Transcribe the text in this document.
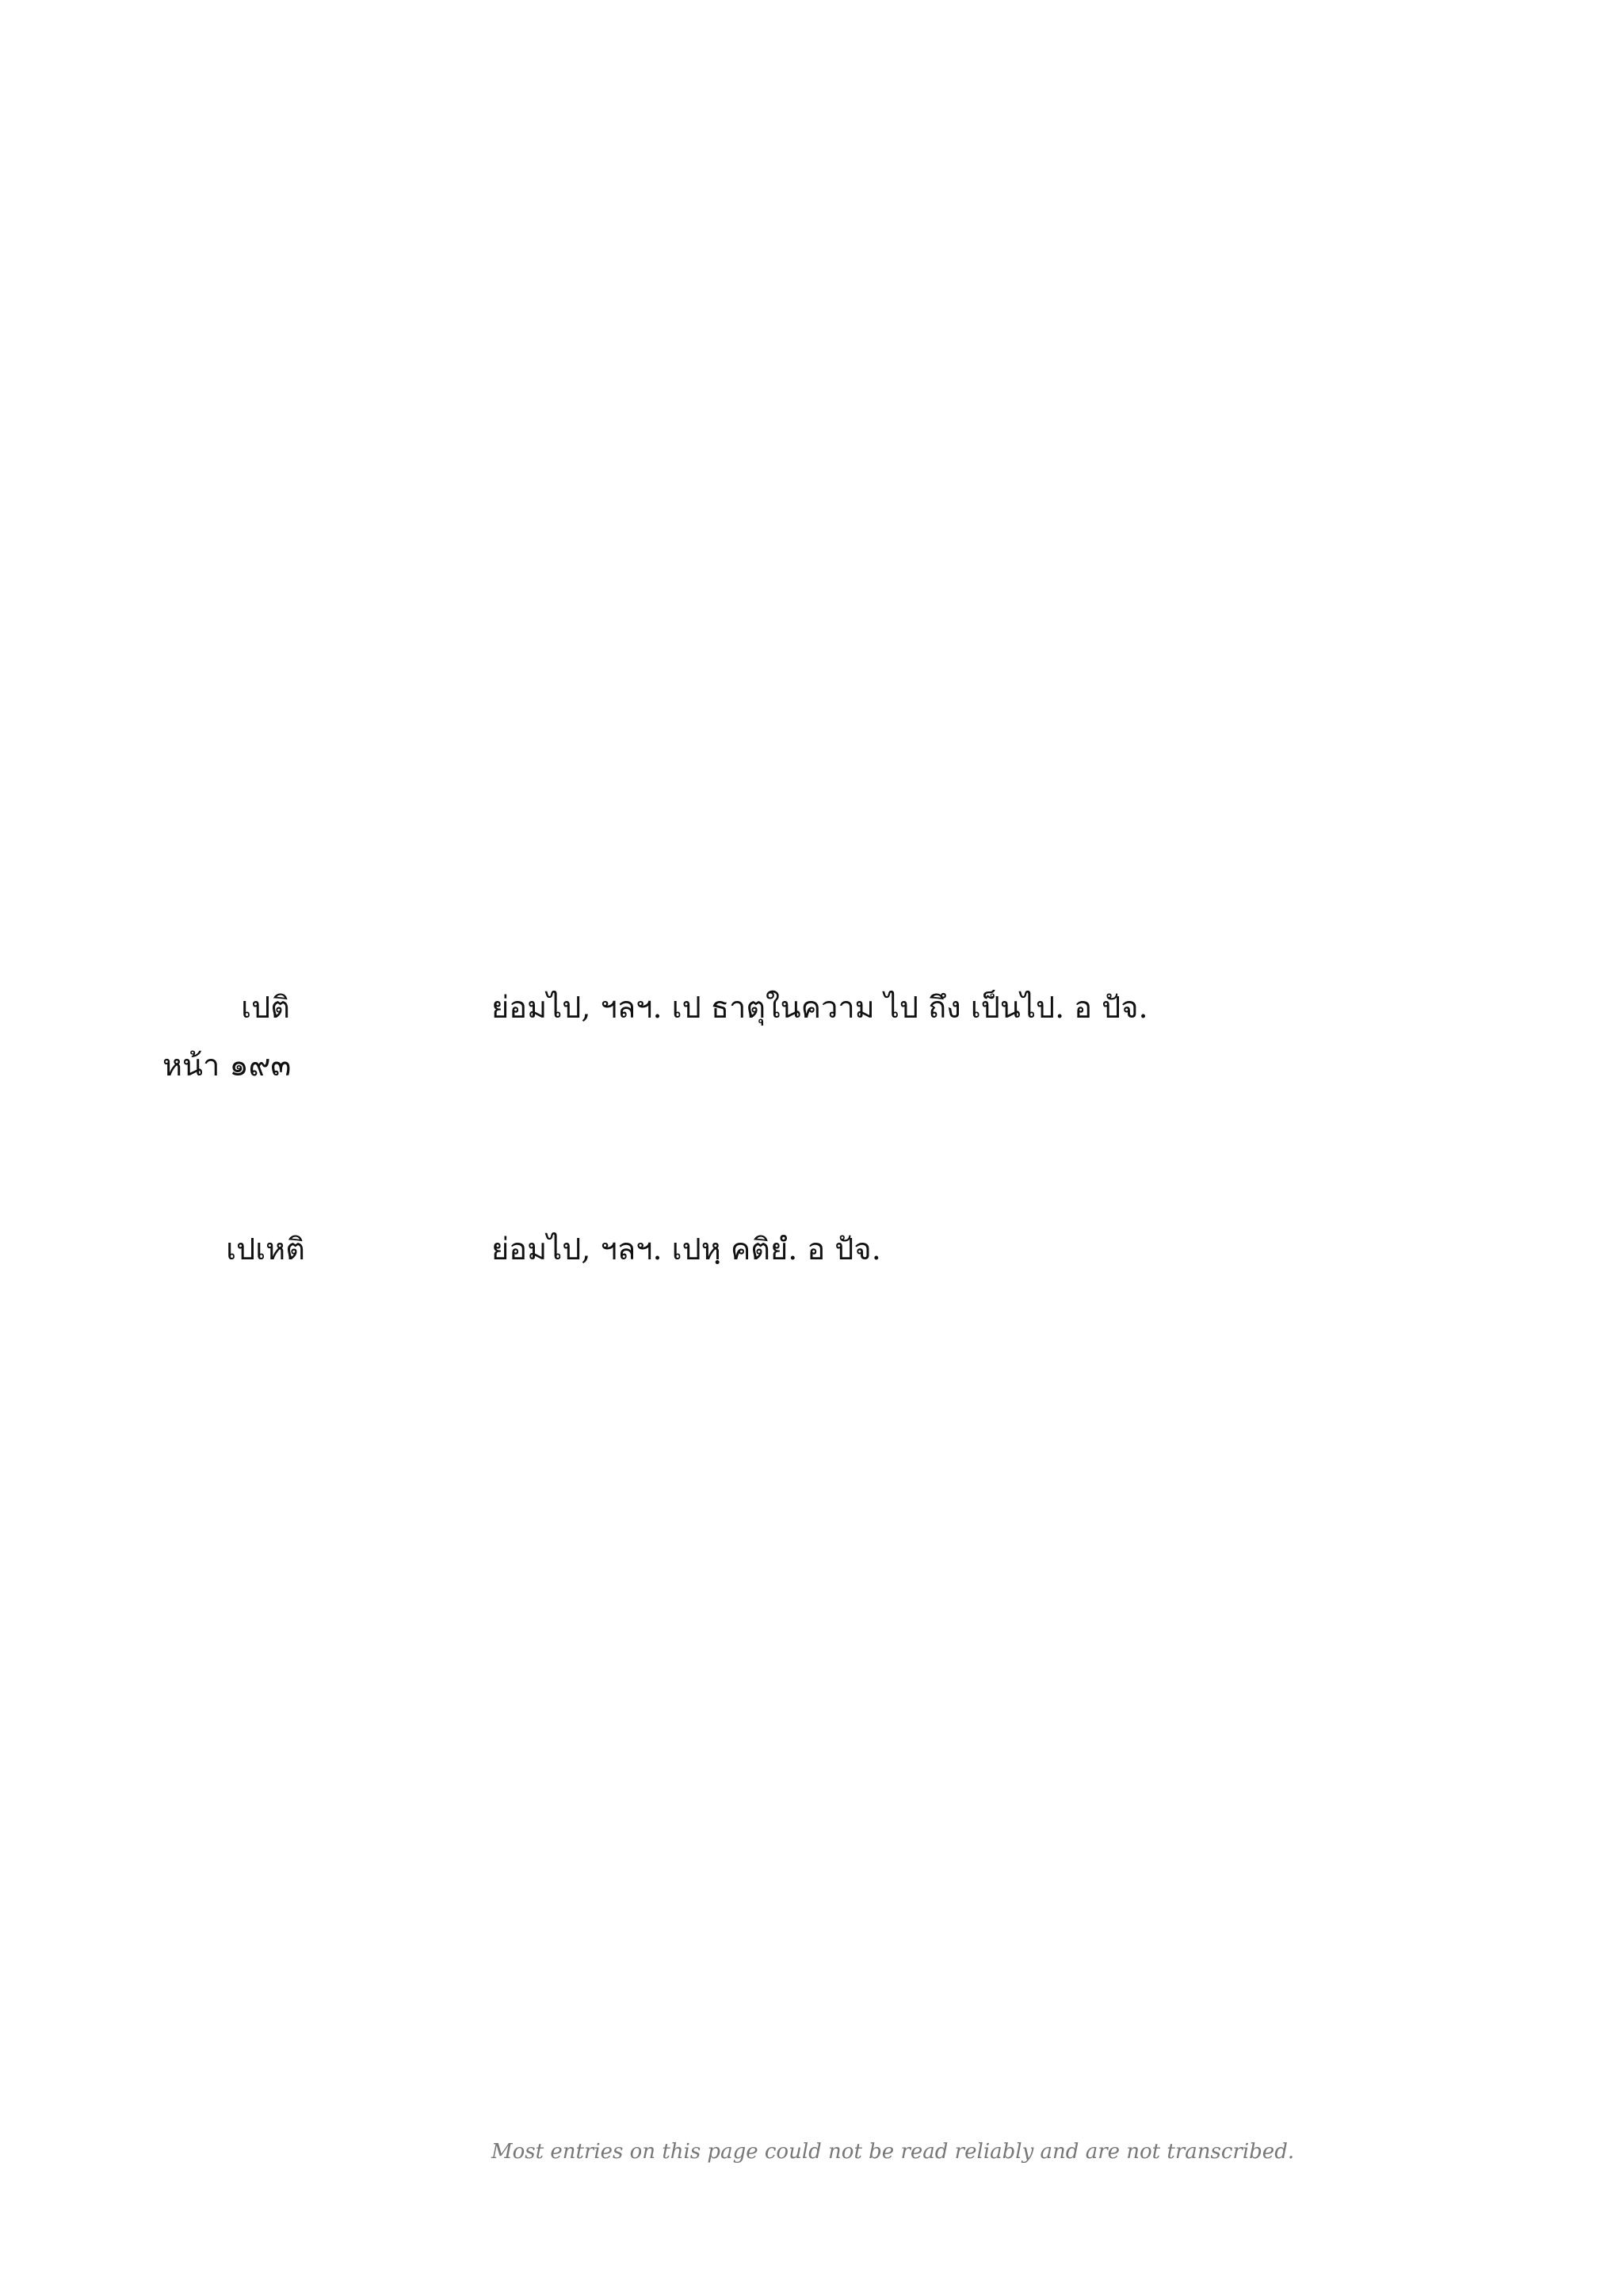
เปติ	ย่อมไป, ฯลฯ. เป ธาตุในความ ไป ถึง เป็นไป. อ ปัจ.
หน้า ๑๙๓
เปเหติ	ย่อมไป, ฯลฯ. เปหฺ คติยํ. อ ปัจ.
Most entries on this page could not be read reliably and are not transcribed.
